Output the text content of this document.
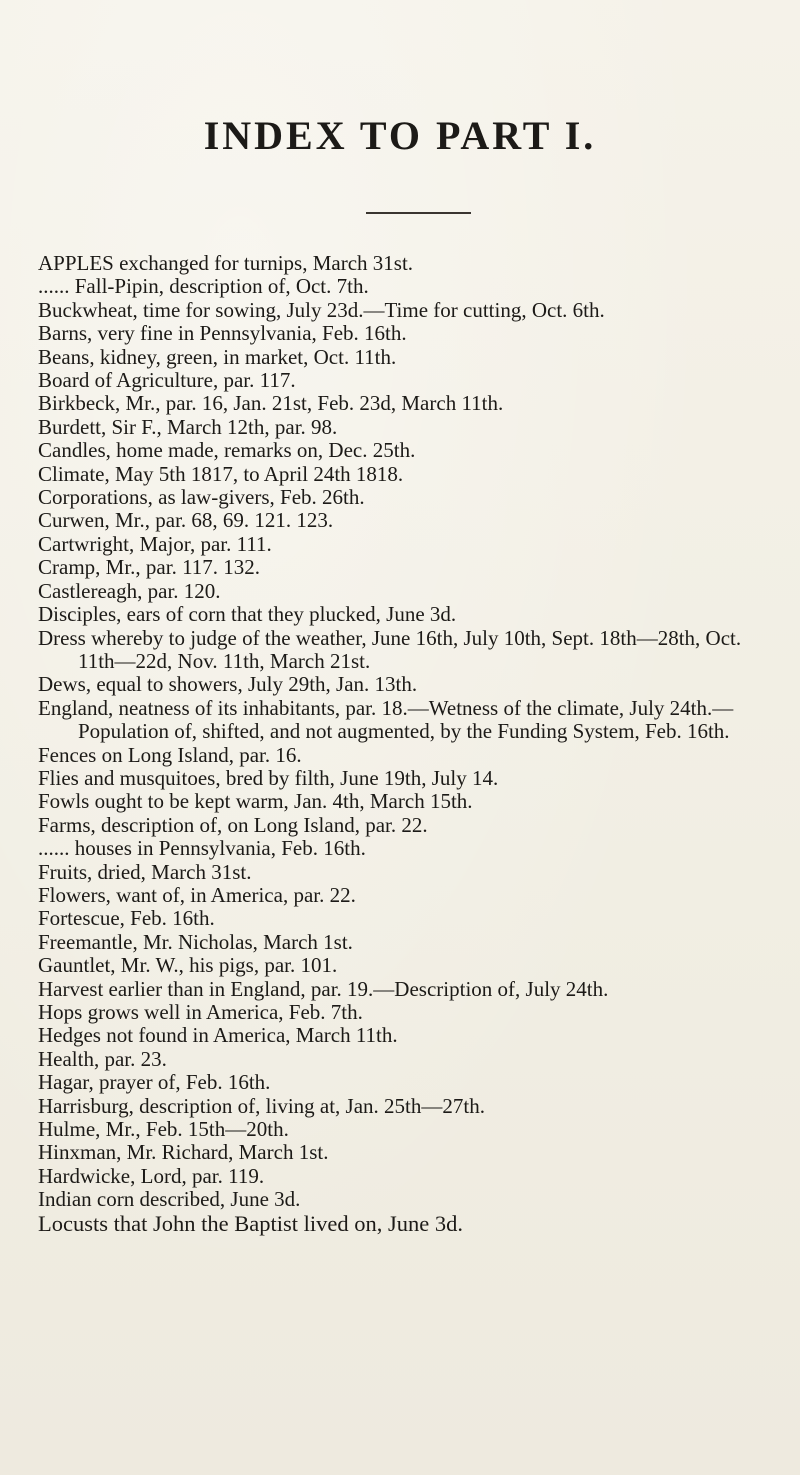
INDEX TO PART I.
APPLES exchanged for turnips, March 31st.
...... Fall-Pipin, description of, Oct. 7th.
Buckwheat, time for sowing, July 23d.—Time for cutting, Oct. 6th.
Barns, very fine in Pennsylvania, Feb. 16th.
Beans, kidney, green, in market, Oct. 11th.
Board of Agriculture, par. 117.
Birkbeck, Mr., par. 16, Jan. 21st, Feb. 23d, March 11th.
Burdett, Sir F., March 12th, par. 98.
Candles, home made, remarks on, Dec. 25th.
Climate, May 5th 1817, to April 24th 1818.
Corporations, as law-givers, Feb. 26th.
Curwen, Mr., par. 68, 69. 121. 123.
Cartwright, Major, par. 111.
Cramp, Mr., par. 117. 132.
Castlereagh, par. 120.
Disciples, ears of corn that they plucked, June 3d.
Dress whereby to judge of the weather, June 16th, July 10th, Sept. 18th—28th, Oct. 11th—22d, Nov. 11th, March 21st.
Dews, equal to showers, July 29th, Jan. 13th.
England, neatness of its inhabitants, par. 18.—Wetness of the climate, July 24th.—Population of, shifted, and not augmented, by the Funding System, Feb. 16th.
Fences on Long Island, par. 16.
Flies and musquitoes, bred by filth, June 19th, July 14.
Fowls ought to be kept warm, Jan. 4th, March 15th.
Farms, description of, on Long Island, par. 22.
...... houses in Pennsylvania, Feb. 16th.
Fruits, dried, March 31st.
Flowers, want of, in America, par. 22.
Fortescue, Feb. 16th.
Freemantle, Mr. Nicholas, March 1st.
Gauntlet, Mr. W., his pigs, par. 101.
Harvest earlier than in England, par. 19.—Description of, July 24th.
Hops grows well in America, Feb. 7th.
Hedges not found in America, March 11th.
Health, par. 23.
Hagar, prayer of, Feb. 16th.
Harrisburg, description of, living at, Jan. 25th—27th.
Hulme, Mr., Feb. 15th—20th.
Hinxman, Mr. Richard, March 1st.
Hardwicke, Lord, par. 119.
Indian corn described, June 3d.
Locusts that John the Baptist lived on, June 3d.
